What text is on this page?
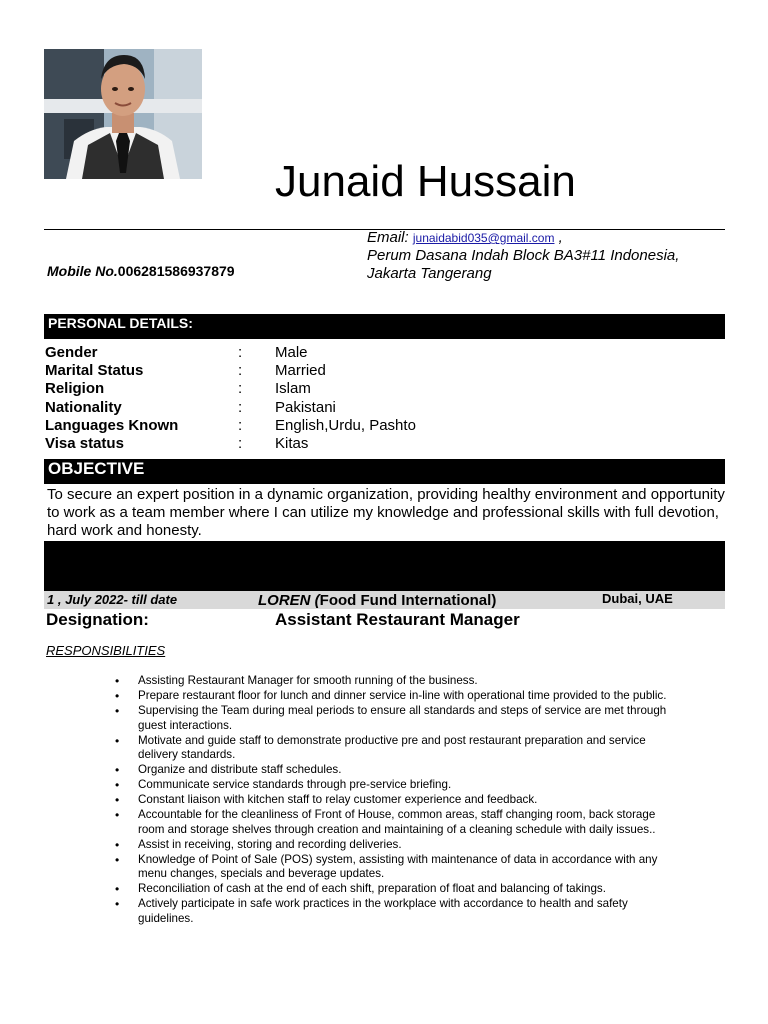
Junaid Hussain
Email: junaidabid035@gmail.com ,
Perum Dasana Indah Block BA3#11 Indonesia,
Jakarta Tangerang
Mobile No.006281586937879
PERSONAL DETAILS:
Gender	: Male
Marital Status	: Married
Religion	: Islam
Nationality	: Pakistani
Languages Known	: English,Urdu, Pashto
Visa status	: Kitas
OBJECTIVE
To secure an expert position in a dynamic organization, providing healthy environment and opportunity to work as a team member where I can utilize my knowledge and professional skills with full devotion, hard work and honesty.
1 , July 2022- till date	LOREN (Food Fund International)	Dubai, UAE
Designation:	Assistant Restaurant Manager
RESPONSIBILITIES
• Assisting Restaurant Manager for smooth running of the business.
• Prepare restaurant floor for lunch and dinner service in-line with operational time provided to the public.
• Supervising the Team during meal periods to ensure all standards and steps of service are met through guest interactions.
• Motivate and guide staff to demonstrate productive pre and post restaurant preparation and service delivery standards.
• Organize and distribute staff schedules.
• Communicate service standards through pre-service briefing.
• Constant liaison with kitchen staff to relay customer experience and feedback.
• Accountable for the cleanliness of Front of House, common areas, staff changing room, back storage room and storage shelves through creation and maintaining of a cleaning schedule with daily issues..
• Assist in receiving, storing and recording deliveries.
• Knowledge of Point of Sale (POS) system, assisting with maintenance of data in accordance with any menu changes, specials and beverage updates.
• Reconciliation of cash at the end of each shift, preparation of float and balancing of takings.
• Actively participate in safe work practices in the workplace with accordance to health and safety guidelines.
